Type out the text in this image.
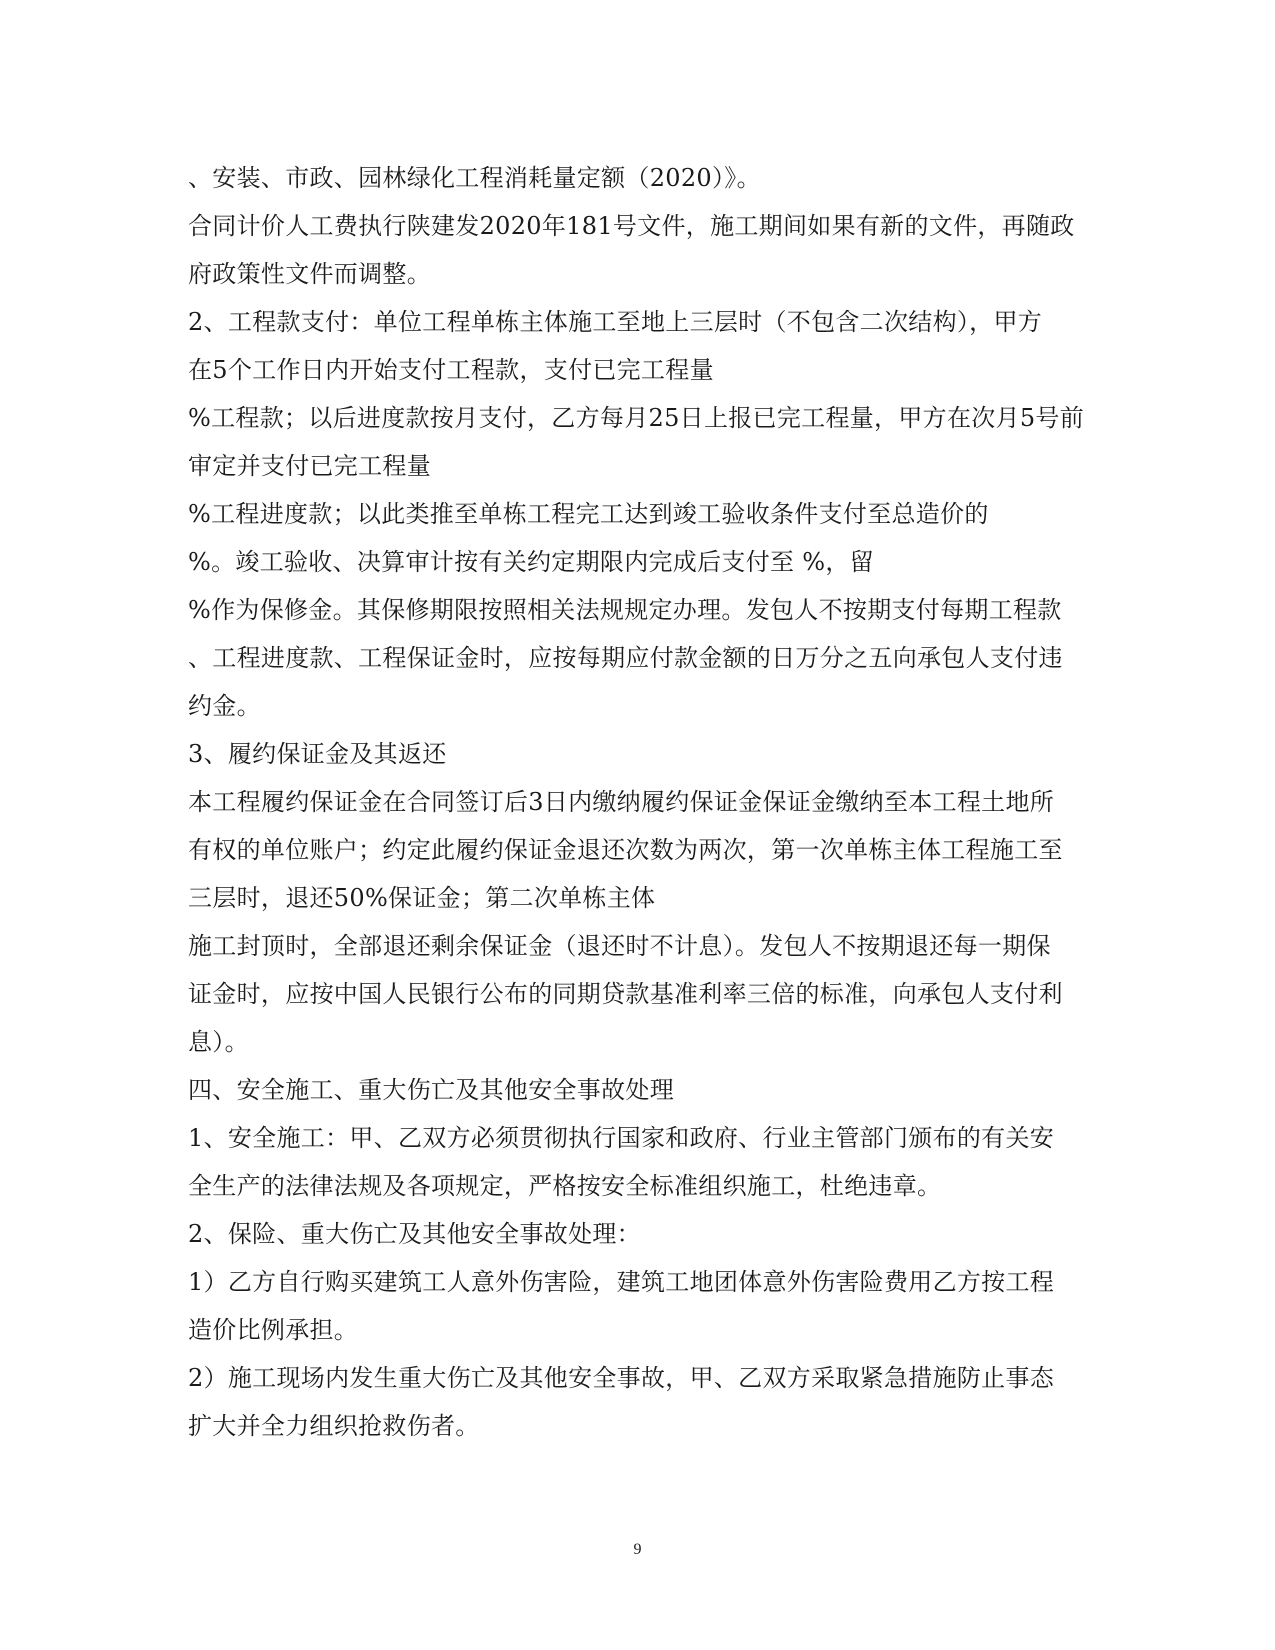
、安装、市政、园林绿化工程消耗量定额（2020）》。
合同计价人工费执行陕建发2020年181号文件，施工期间如果有新的文件，再随政
府政策性文件而调整。
2、工程款支付：单位工程单栋主体施工至地上三层时（不包含二次结构），甲方
在5个工作日内开始支付工程款，支付已完工程量
%工程款；以后进度款按月支付，乙方每月25日上报已完工程量，甲方在次月5号前
审定并支付已完工程量
%工程进度款；以此类推至单栋工程完工达到竣工验收条件支付至总造价的
%。竣工验收、决算审计按有关约定期限内完成后支付至 %，留
%作为保修金。其保修期限按照相关法规规定办理。发包人不按期支付每期工程款
、工程进度款、工程保证金时，应按每期应付款金额的日万分之五向承包人支付违
约金。
3、履约保证金及其返还
本工程履约保证金在合同签订后3日内缴纳履约保证金保证金缴纳至本工程土地所
有权的单位账户；约定此履约保证金退还次数为两次，第一次单栋主体工程施工至
三层时，退还50%保证金；第二次单栋主体
施工封顶时，全部退还剩余保证金（退还时不计息）。发包人不按期退还每一期保
证金时，应按中国人民银行公布的同期贷款基准利率三倍的标准，向承包人支付利
息）。
四、安全施工、重大伤亡及其他安全事故处理
1、安全施工：甲、乙双方必须贯彻执行国家和政府、行业主管部门颁布的有关安
全生产的法律法规及各项规定，严格按安全标准组织施工，杜绝违章。
2、保险、重大伤亡及其他安全事故处理：
1）乙方自行购买建筑工人意外伤害险，建筑工地团体意外伤害险费用乙方按工程
造价比例承担。
2）施工现场内发生重大伤亡及其他安全事故，甲、乙双方采取紧急措施防止事态
扩大并全力组织抢救伤者。
9
